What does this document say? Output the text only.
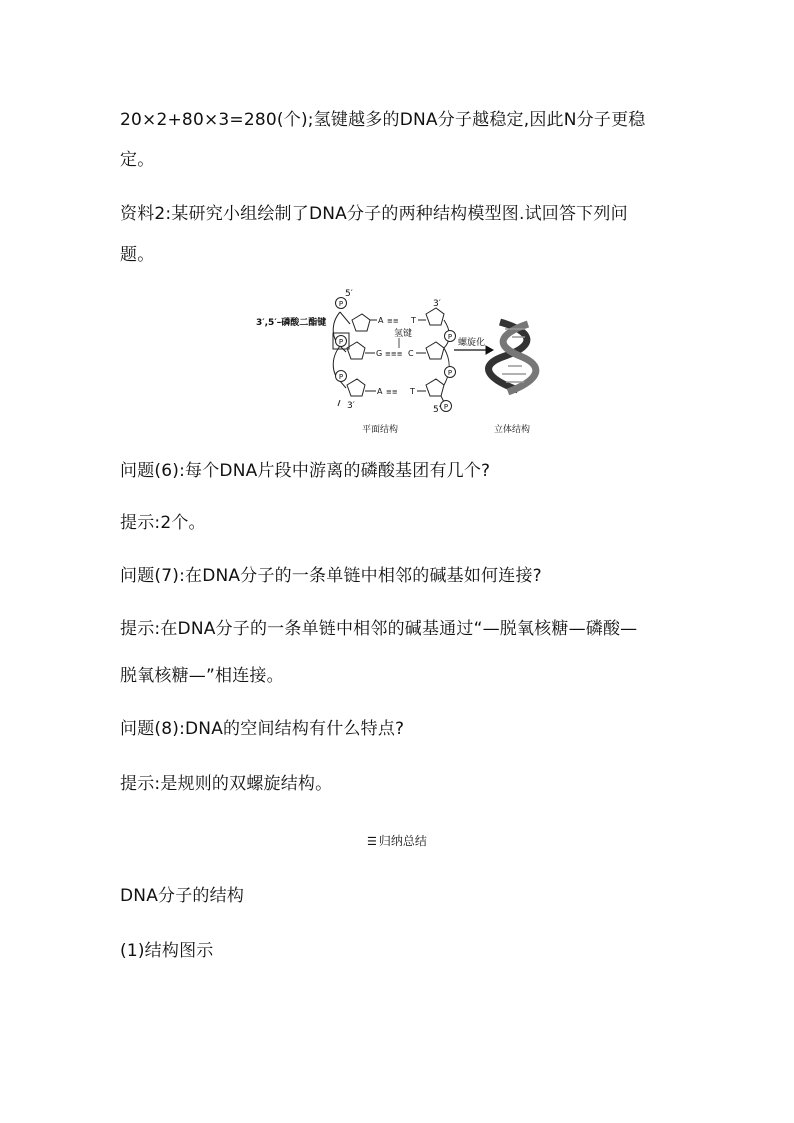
20×2+80×3=280(个);氢键越多的DNA分子越稳定,因此N分子更稳
定。
资料2:某研究小组绘制了DNA分子的两种结构模型图.试回答下列问
题。
5′
3′
3′	5′
3′,5′–磷酸二酯键
氢键
螺旋化
平面结构	立体结构
P
P
P
P
P
P
A ≡≡ T
G ≡≡≡ C
A ≡≡ T
问题(6):每个DNA片段中游离的磷酸基团有几个?
提示:2个。
问题(7):在DNA分子的一条单链中相邻的碱基如何连接?
提示:在DNA分子的一条单链中相邻的碱基通过“—脱氧核糖—磷酸—
脱氧核糖—”相连接。
问题(8):DNA的空间结构有什么特点?
提示:是规则的双螺旋结构。
☰ 归纳总结
DNA分子的结构
(1)结构图示
